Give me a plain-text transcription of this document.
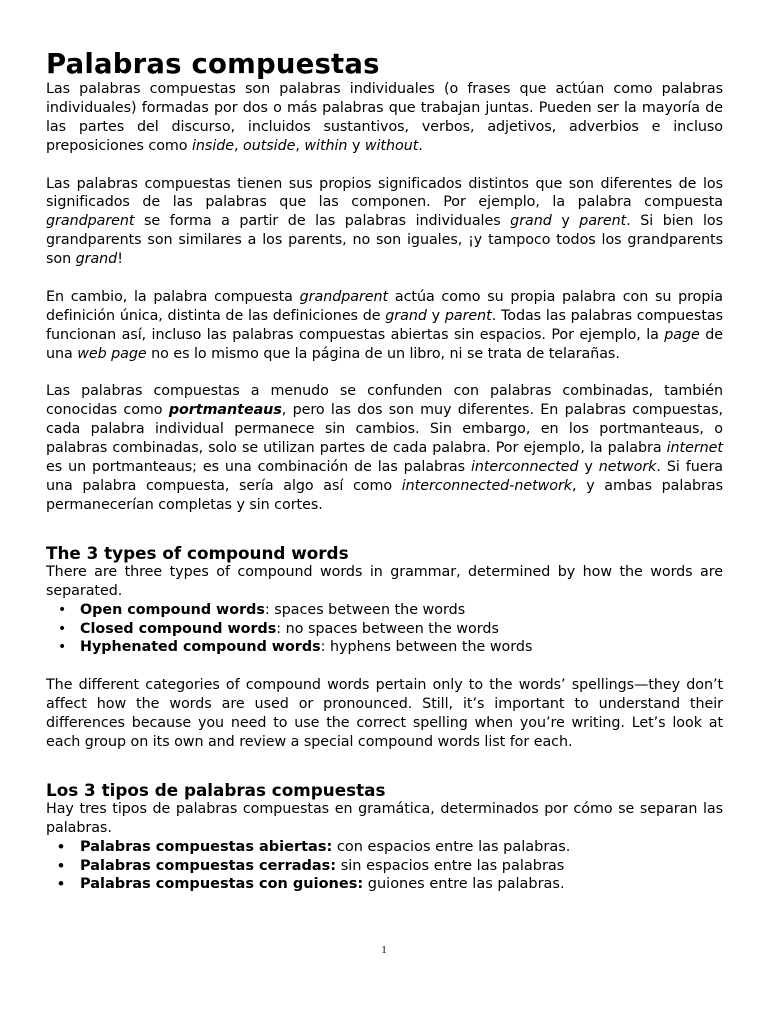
Palabras compuestas

Las palabras compuestas son palabras individuales (o frases que actúan como palabras individuales) formadas por dos o más palabras que trabajan juntas. Pueden ser la mayoría de las partes del discurso, incluidos sustantivos, verbos, adjetivos, adverbios e incluso preposiciones como inside, outside, within y without.

Las palabras compuestas tienen sus propios significados distintos que son diferentes de los significados de las palabras que las componen. Por ejemplo, la palabra compuesta grandparent se forma a partir de las palabras individuales grand y parent. Si bien los grandparents son similares a los parents, no son iguales, ¡y tampoco todos los grandparents son grand!

En cambio, la palabra compuesta grandparent actúa como su propia palabra con su propia definición única, distinta de las definiciones de grand y parent. Todas las palabras compuestas funcionan así, incluso las palabras compuestas abiertas sin espacios. Por ejemplo, la page de una web page no es lo mismo que la página de un libro, ni se trata de telarañas.

Las palabras compuestas a menudo se confunden con palabras combinadas, también conocidas como portmanteaus, pero las dos son muy diferentes. En palabras compuestas, cada palabra individual permanece sin cambios. Sin embargo, en los portmanteaus, o palabras combinadas, solo se utilizan partes de cada palabra. Por ejemplo, la palabra internet es un portmanteaus; es una combinación de las palabras interconnected y network. Si fuera una palabra compuesta, sería algo así como interconnected-network, y ambas palabras permanecerían completas y sin cortes.

The 3 types of compound words

There are three types of compound words in grammar, determined by how the words are separated.

• Open compound words: spaces between the words
• Closed compound words: no spaces between the words
• Hyphenated compound words: hyphens between the words

The different categories of compound words pertain only to the words’ spellings—they don’t affect how the words are used or pronounced. Still, it’s important to understand their differences because you need to use the correct spelling when you’re writing. Let’s look at each group on its own and review a special compound words list for each.

Los 3 tipos de palabras compuestas

Hay tres tipos de palabras compuestas en gramática, determinados por cómo se separan las palabras.

• Palabras compuestas abiertas: con espacios entre las palabras.
• Palabras compuestas cerradas: sin espacios entre las palabras
• Palabras compuestas con guiones: guiones entre las palabras.
1
